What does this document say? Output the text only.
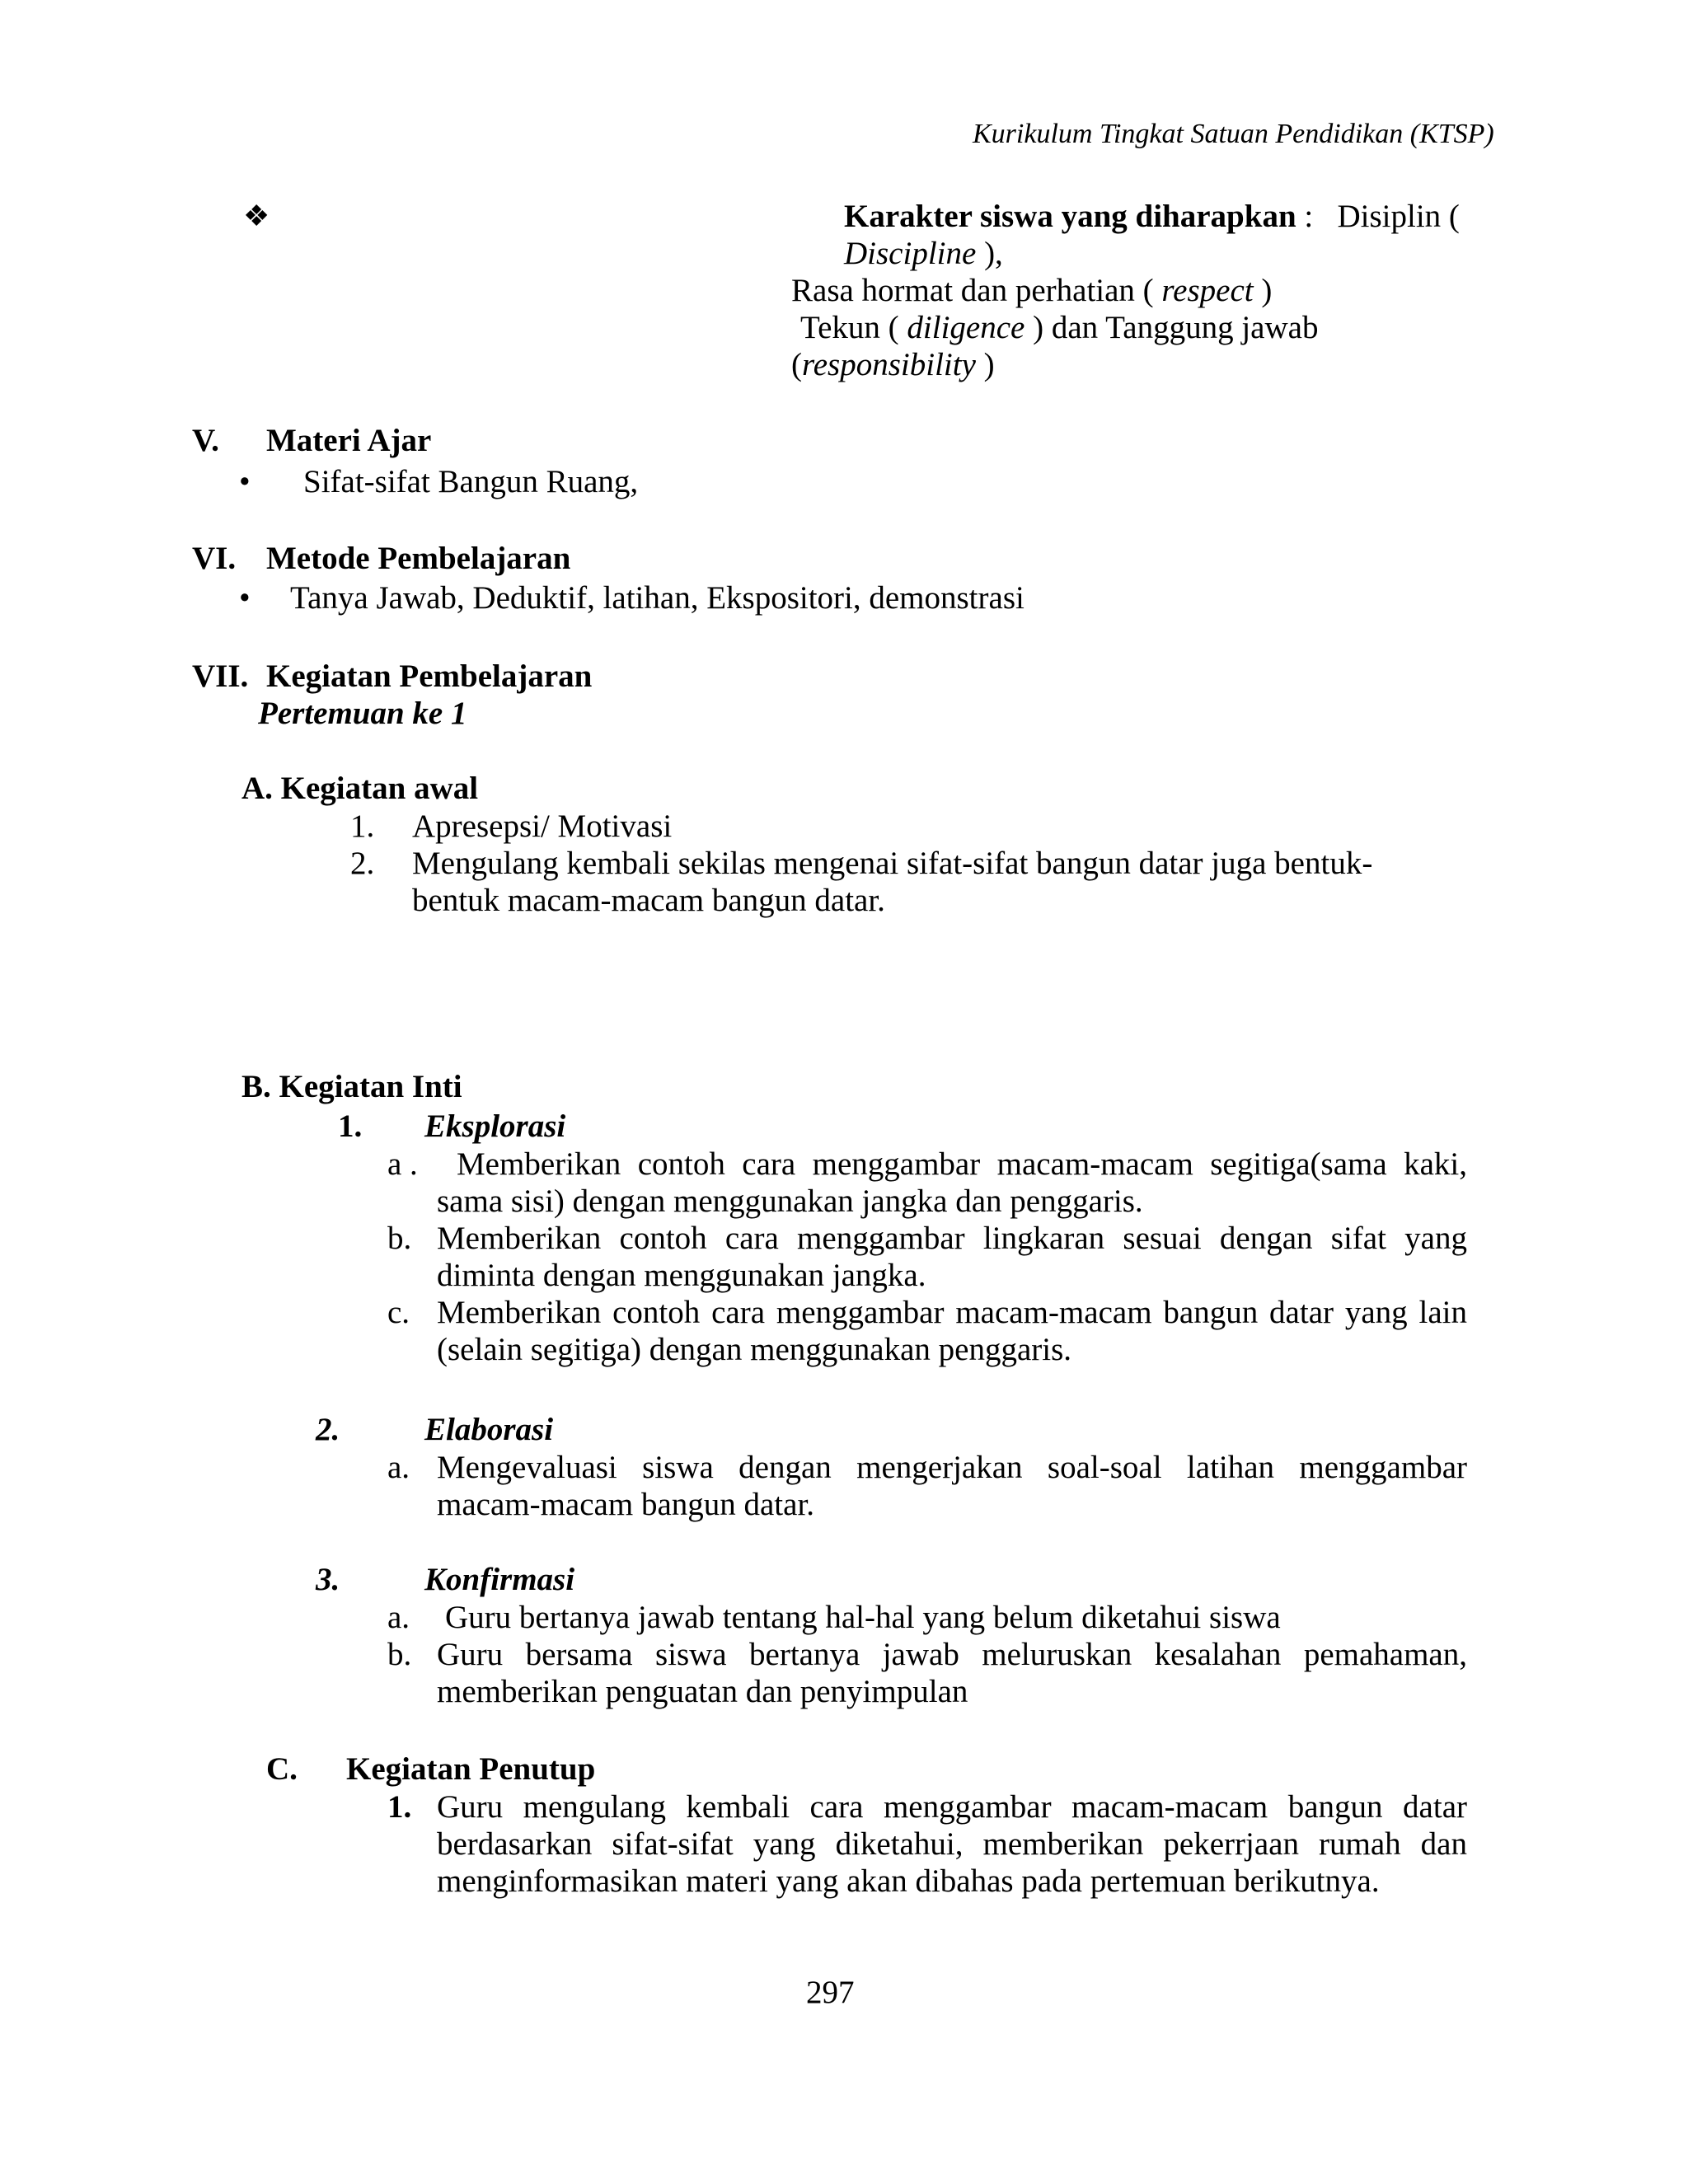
Kurikulum Tingkat Satuan Pendidikan (KTSP)
❖	Karakter siswa yang diharapkan : Disiplin (
Discipline ),
Rasa hormat dan perhatian ( respect )
Tekun ( diligence ) dan Tanggung jawab
(responsibility )
V. Materi Ajar
• Sifat-sifat Bangun Ruang,
VI. Metode Pembelajaran
• Tanya Jawab, Deduktif, latihan, Ekspositori, demonstrasi
VII. Kegiatan Pembelajaran
Pertemuan ke 1
A. Kegiatan awal
1. Apresepsi/ Motivasi
2. Mengulang kembali sekilas mengenai sifat-sifat bangun datar juga bentuk-
bentuk macam-macam bangun datar.
B. Kegiatan Inti
1. Eksplorasi
a .	Memberikan contoh cara menggambar macam-macam segitiga(sama kaki, sama sisi) dengan menggunakan jangka dan penggaris.
b. Memberikan contoh cara menggambar lingkaran sesuai dengan sifat yang diminta dengan menggunakan jangka.
c. Memberikan contoh cara menggambar macam-macam bangun datar yang lain (selain segitiga) dengan menggunakan penggaris.
2.	Elaborasi
a. Mengevaluasi siswa dengan mengerjakan soal-soal latihan menggambar macam-macam bangun datar.
3.	Konfirmasi
a. Guru bertanya jawab tentang hal-hal yang belum diketahui siswa
b. Guru bersama siswa bertanya jawab meluruskan kesalahan pemahaman, memberikan penguatan dan penyimpulan
C. Kegiatan Penutup
1. Guru mengulang kembali cara menggambar macam-macam bangun datar berdasarkan sifat-sifat yang diketahui, memberikan pekerrjaan rumah dan menginformasikan materi yang akan dibahas pada pertemuan berikutnya.
297
